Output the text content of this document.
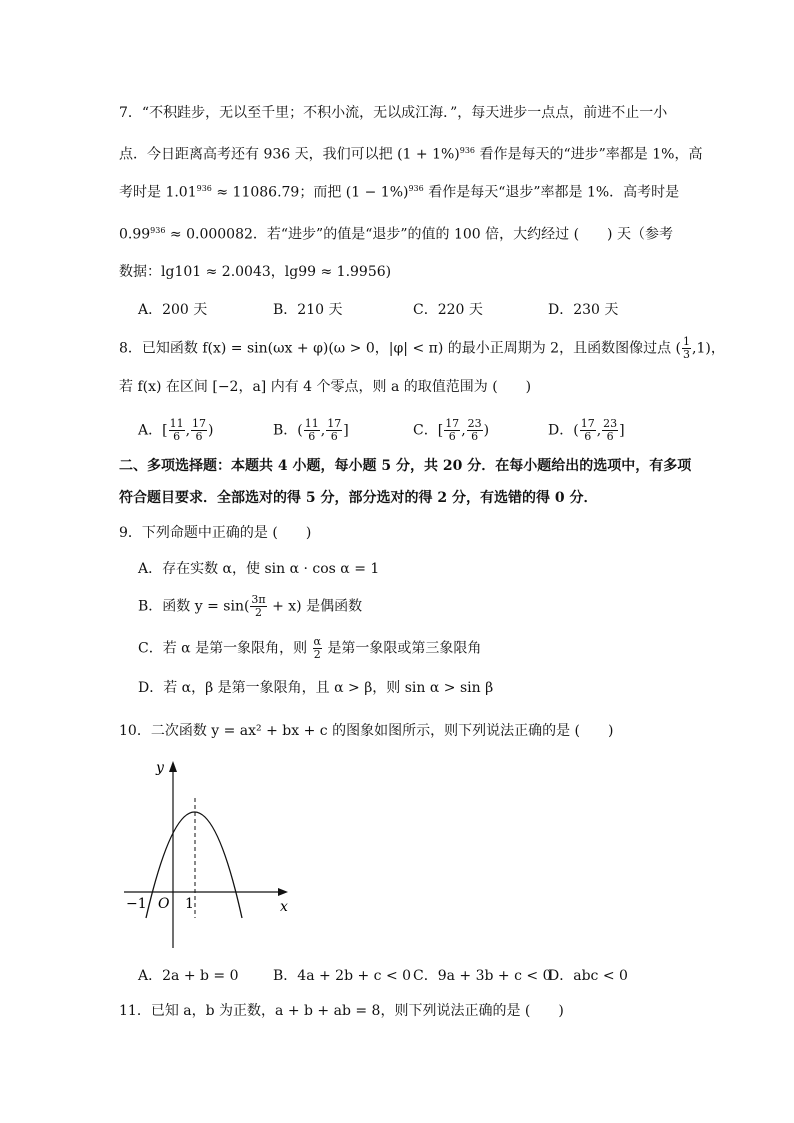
7．“不积跬步，无以至千里；不积小流，无以成江海．”，每天进步一点点，前进不止一小
点．今日距离高考还有 936 天，我们可以把 $(1 + 1\%)^{936}$ 看作是每天的“进步”率都是 1%，高
考时是 $1.01^{936} \approx 11086.79$；而把 $(1 - 1\%)^{936}$ 看作是每天“退步”率都是 1%．高考时是
$0.99^{936} \approx 0.000082$．若“进步”的值是“退步”的值的 100 倍，大约经过 (　　) 天（参考
数据：lg101 ≈ 2.0043，lg99 ≈ 1.9956)
A．200 天	B．210 天	C．220 天	D．230 天
8．已知函数 f(x) = sin(ωx + φ)(ω > 0，|φ| < π) 的最小正周期为 2，且函数图像过点 ( $\frac{1}{3} ,1$)，
若 f(x) 在区间 [−2，a] 内有 4 个零点，则 a 的取值范围为 (　　)
A．[ $\frac{11}{6}$ , $\frac{17}{6}$ )	B．( $\frac{11}{6}$ , $\frac{17}{6}$ ]	C．[ $\frac{17}{6}$ , $\frac{23}{6}$ )	D．( $\frac{17}{6}$ , $\frac{23}{6}$ ]
二、多项选择题：本题共 4 小题，每小题 5 分，共 20 分．在每小题给出的选项中，有多项
符合题目要求．全部选对的得 5 分，部分选对的得 2 分，有选错的得 0 分．
9．下列命题中正确的是 (　　)
A．存在实数 α，使 sin α · cos α = 1
B．函数 $y = \sin( \frac{3\pi}{2} + x)$ 是偶函数
C．若 α 是第一象限角，则 $\frac{\alpha}{2}$ 是第一象限或第三象限角
D．若 α，β 是第一象限角，且 α > β，则 sin α > sin β
10．二次函数 y = ax² + bx + c 的图象如图所示，则下列说法正确的是 (　　)
y
x
−1 O 1
A．2a + b = 0 B．4a + 2b + c < 0 C．9a + 3b + c < 0
D．abc < 0
11．已知 a，b 为正数，a + b + ab = 8，则下列说法正确的是 (　　)
